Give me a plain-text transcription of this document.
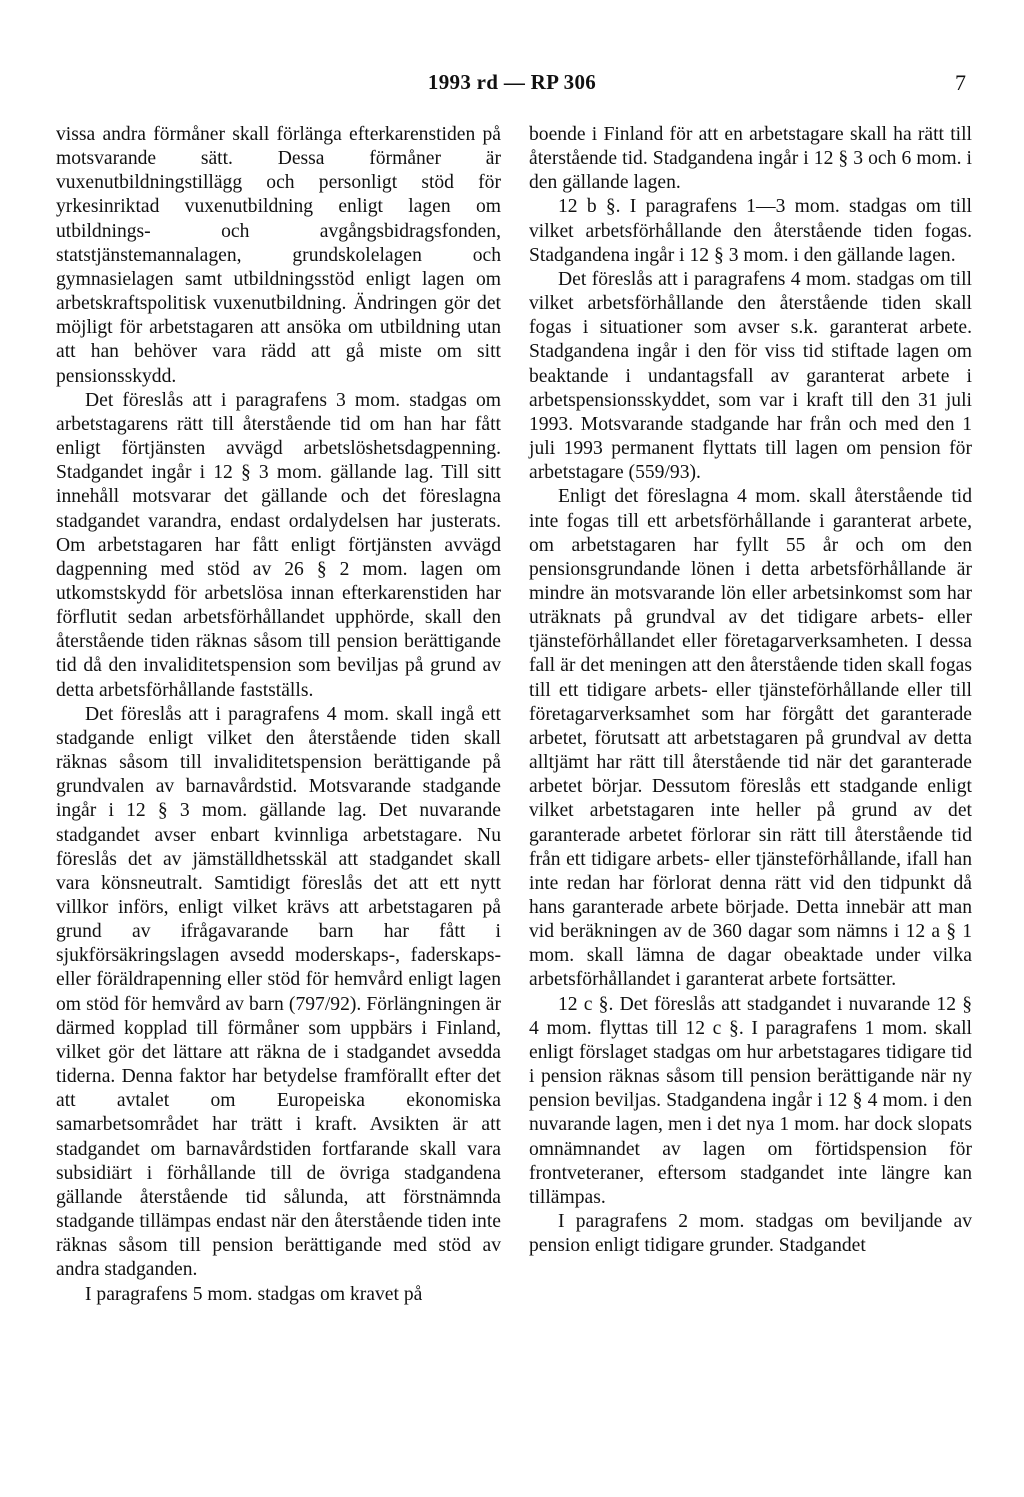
1993 rd — RP 306	7

vissa andra förmåner skall förlänga efterkarenstiden på motsvarande sätt. Dessa förmåner är vuxenutbildningstillägg och personligt stöd för yrkesinriktad vuxenutbildning enligt lagen om utbildnings- och avgångsbidragsfonden, statstjänstemannalagen, grundskolelagen och gymnasielagen samt utbildningsstöd enligt lagen om arbetskraftspolitisk vuxenutbildning. Ändringen gör det möjligt för arbetstagaren att ansöka om utbildning utan att han behöver vara rädd att gå miste om sitt pensionsskydd.

Det föreslås att i paragrafens 3 mom. stadgas om arbetstagarens rätt till återstående tid om han har fått enligt förtjänsten avvägd arbetslöshetsdagpenning. Stadgandet ingår i 12 § 3 mom. gällande lag. Till sitt innehåll motsvarar det gällande och det föreslagna stadgandet varandra, endast ordalydelsen har justerats. Om arbetstagaren har fått enligt förtjänsten avvägd dagpenning med stöd av 26 § 2 mom. lagen om utkomstskydd för arbetslösa innan efterkarenstiden har förflutit sedan arbetsförhållandet upphörde, skall den återstående tiden räknas såsom till pension berättigande tid då den invaliditetspension som beviljas på grund av detta arbetsförhållande fastställs.

Det föreslås att i paragrafens 4 mom. skall ingå ett stadgande enligt vilket den återstående tiden skall räknas såsom till invaliditetspension berättigande på grundvalen av barnavårdstid. Motsvarande stadgande ingår i 12 § 3 mom. gällande lag. Det nuvarande stadgandet avser enbart kvinnliga arbetstagare. Nu föreslås det av jämställdhetsskäl att stadgandet skall vara könsneutralt. Samtidigt föreslås det att ett nytt villkor införs, enligt vilket krävs att arbetstagaren på grund av ifrågavarande barn har fått i sjukförsäkringslagen avsedd moderskaps-, faderskaps- eller föräldrapenning eller stöd för hemvård enligt lagen om stöd för hemvård av barn (797/92). Förlängningen är därmed kopplad till förmåner som uppbärs i Finland, vilket gör det lättare att räkna de i stadgandet avsedda tiderna. Denna faktor har betydelse framförallt efter det att avtalet om Europeiska ekonomiska samarbetsområdet har trätt i kraft. Avsikten är att stadgandet om barnavårdstiden fortfarande skall vara subsidiärt i förhållande till de övriga stadgandena gällande återstående tid sålunda, att förstnämnda stadgande tillämpas endast när den återstående tiden inte räknas såsom till pension berättigande med stöd av andra stadganden.

I paragrafens 5 mom. stadgas om kravet på

boende i Finland för att en arbetstagare skall ha rätt till återstående tid. Stadgandena ingår i 12 § 3 och 6 mom. i den gällande lagen.

12 b §. I paragrafens 1—3 mom. stadgas om till vilket arbetsförhållande den återstående tiden fogas. Stadgandena ingår i 12 § 3 mom. i den gällande lagen.

Det föreslås att i paragrafens 4 mom. stadgas om till vilket arbetsförhållande den återstående tiden skall fogas i situationer som avser s.k. garanterat arbete. Stadgandena ingår i den för viss tid stiftade lagen om beaktande i undantagsfall av garanterat arbete i arbetspensionsskyddet, som var i kraft till den 31 juli 1993. Motsvarande stadgande har från och med den 1 juli 1993 permanent flyttats till lagen om pension för arbetstagare (559/93).

Enligt det föreslagna 4 mom. skall återstående tid inte fogas till ett arbetsförhållande i garanterat arbete, om arbetstagaren har fyllt 55 år och om den pensionsgrundande lönen i detta arbetsförhållande är mindre än motsvarande lön eller arbetsinkomst som har uträknats på grundval av det tidigare arbets- eller tjänsteförhållandet eller företagarverksamheten. I dessa fall är det meningen att den återstående tiden skall fogas till ett tidigare arbets- eller tjänsteförhållande eller till företagarverksamhet som har förgått det garanterade arbetet, förutsatt att arbetstagaren på grundval av detta alltjämt har rätt till återstående tid när det garanterade arbetet börjar. Dessutom föreslås ett stadgande enligt vilket arbetstagaren inte heller på grund av det garanterade arbetet förlorar sin rätt till återstående tid från ett tidigare arbets- eller tjänsteförhållande, ifall han inte redan har förlorat denna rätt vid den tidpunkt då hans garanterade arbete började. Detta innebär att man vid beräkningen av de 360 dagar som nämns i 12 a § 1 mom. skall lämna de dagar obeaktade under vilka arbetsförhållandet i garanterat arbete fortsätter.

12 c §. Det föreslås att stadgandet i nuvarande 12 § 4 mom. flyttas till 12 c §. I paragrafens 1 mom. skall enligt förslaget stadgas om hur arbetstagares tidigare tid i pension räknas såsom till pension berättigande när ny pension beviljas. Stadgandena ingår i 12 § 4 mom. i den nuvarande lagen, men i det nya 1 mom. har dock slopats omnämnandet av lagen om förtidspension för frontveteraner, eftersom stadgandet inte längre kan tillämpas.

I paragrafens 2 mom. stadgas om beviljande av pension enligt tidigare grunder. Stadgandet
